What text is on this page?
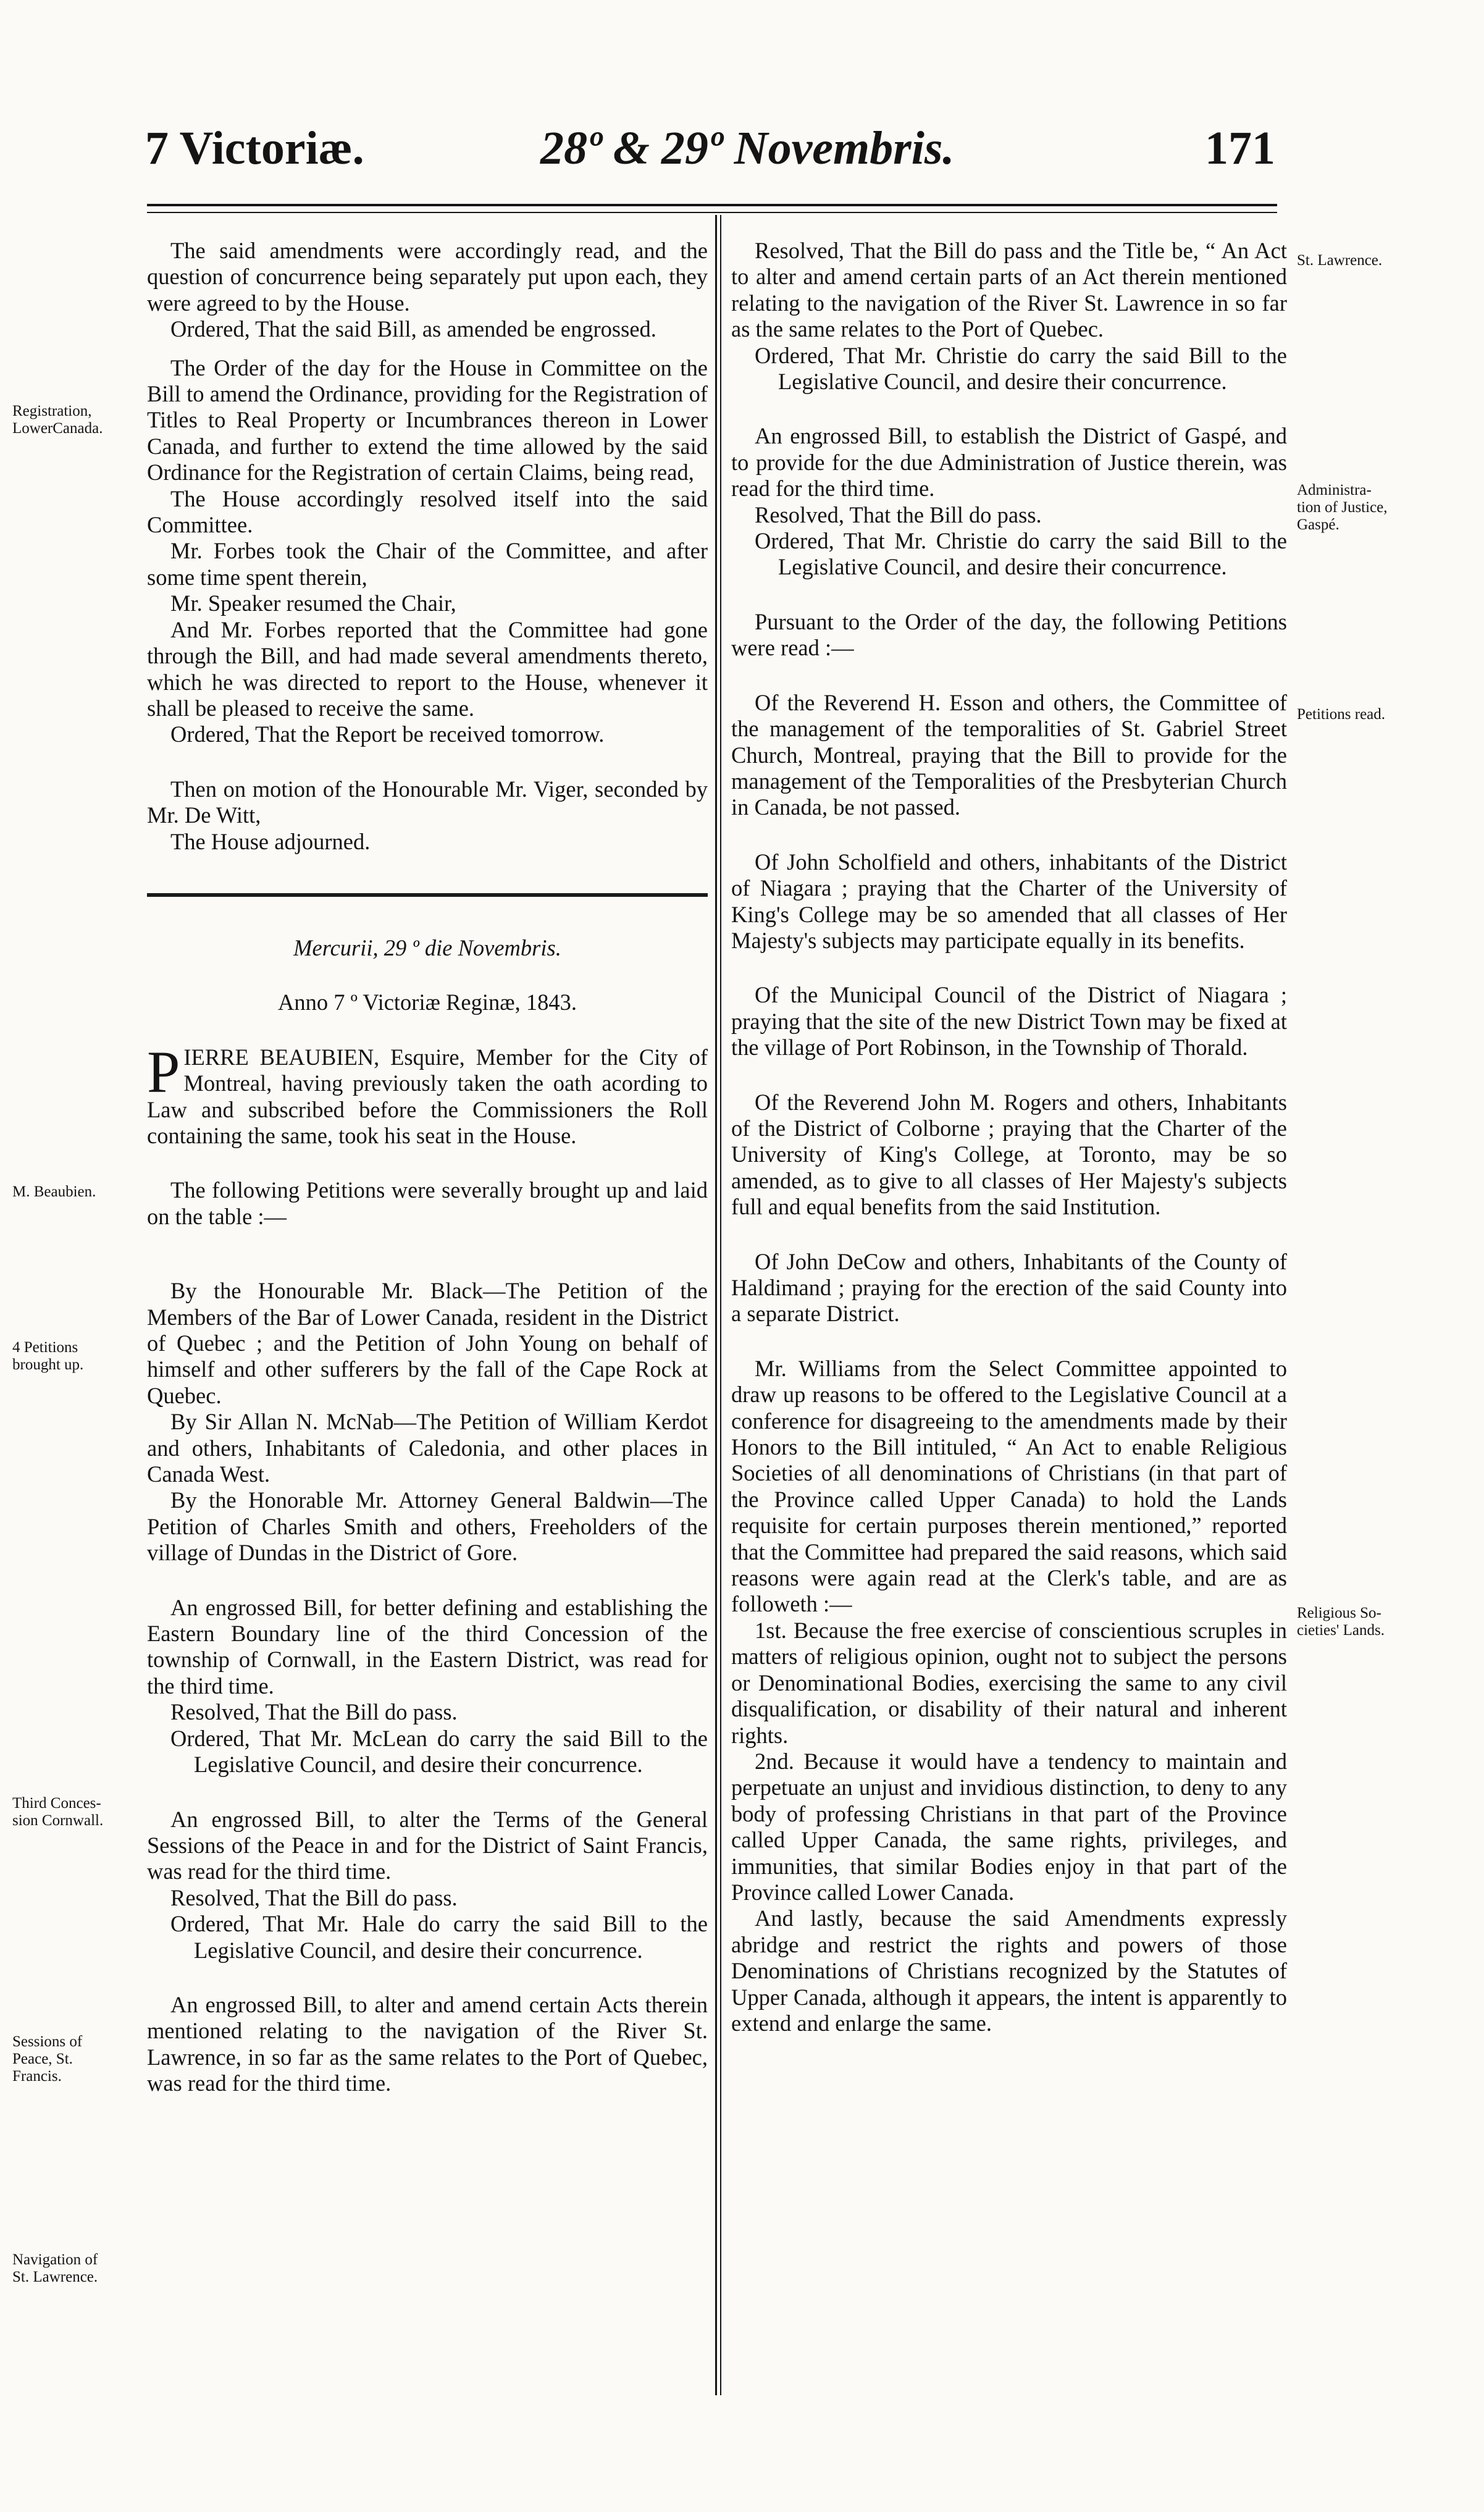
7 Victoriæ.	28º & 29º Novembris.	171

The said amendments were accordingly read, and the question of concurrence being separately put upon each, they were agreed to by the House.

Ordered, That the said Bill, as amended be engrossed.

The Order of the day for the House in Committee on the Bill to amend the Ordinance, providing for the Registration of Titles to Real Property or Incumbrances thereon in Lower Canada, and further to extend the time allowed by the said Ordinance for the Registration of certain Claims, being read,

The House accordingly resolved itself into the said Committee.

Mr. Forbes took the Chair of the Committee, and after some time spent therein,

Mr. Speaker resumed the Chair,

And Mr. Forbes reported that the Committee had gone through the Bill, and had made several amendments thereto, which he was directed to report to the House, whenever it shall be pleased to receive the same.

Ordered, That the Report be received tomorrow.

Then on motion of the Honourable Mr. Viger, seconded by Mr. De Witt,

The House adjourned.

Mercurii, 29 º die Novembris.

Anno 7 º Victoriæ Reginæ, 1843.

PIERRE BEAUBIEN, Esquire, Member for the City of Montreal, having previously taken the oath acording to Law and subscribed before the Commissioners the Roll containing the same, took his seat in the House.

The following Petitions were severally brought up and laid on the table :—

By the Honourable Mr. Black—The Petition of the Members of the Bar of Lower Canada, resident in the District of Quebec ; and the Petition of John Young on behalf of himself and other sufferers by the fall of the Cape Rock at Quebec.

By Sir Allan N. McNab—The Petition of William Kerdot and others, Inhabitants of Caledonia, and other places in Canada West.

By the Honorable Mr. Attorney General Baldwin—The Petition of Charles Smith and others, Freeholders of the village of Dundas in the District of Gore.

An engrossed Bill, for better defining and establishing the Eastern Boundary line of the third Concession of the township of Cornwall, in the Eastern District, was read for the third time.

Resolved, That the Bill do pass.

Ordered, That Mr. McLean do carry the said Bill to the Legislative Council, and desire their concurrence.

An engrossed Bill, to alter the Terms of the General Sessions of the Peace in and for the District of Saint Francis, was read for the third time.

Resolved, That the Bill do pass.

Ordered, That Mr. Hale do carry the said Bill to the Legislative Council, and desire their concurrence.

An engrossed Bill, to alter and amend certain Acts therein mentioned relating to the navigation of the River St. Lawrence, in so far as the same relates to the Port of Quebec, was read for the third time.

Resolved, That the Bill do pass and the Title be, “ An Act to alter and amend certain parts of an Act therein mentioned relating to the navigation of the River St. Lawrence in so far as the same relates to the Port of Quebec.

Ordered, That Mr. Christie do carry the said Bill to the Legislative Council, and desire their concurrence.

An engrossed Bill, to establish the District of Gaspé, and to provide for the due Administration of Justice therein, was read for the third time.

Resolved, That the Bill do pass.

Ordered, That Mr. Christie do carry the said Bill to the Legislative Council, and desire their concurrence.

Pursuant to the Order of the day, the following Petitions were read :—

Of the Reverend H. Esson and others, the Committee of the management of the temporalities of St. Gabriel Street Church, Montreal, praying that the Bill to provide for the management of the Temporalities of the Presbyterian Church in Canada, be not passed.

Of John Scholfield and others, inhabitants of the District of Niagara ; praying that the Charter of the University of King's College may be so amended that all classes of Her Majesty's subjects may participate equally in its benefits.

Of the Municipal Council of the District of Niagara ; praying that the site of the new District Town may be fixed at the village of Port Robinson, in the Township of Thorald.

Of the Reverend John M. Rogers and others, Inhabitants of the District of Colborne ; praying that the Charter of the University of King's College, at Toronto, may be so amended, as to give to all classes of Her Majesty's subjects full and equal benefits from the said Institution.

Of John DeCow and others, Inhabitants of the County of Haldimand ; praying for the erection of the said County into a separate District.

Mr. Williams from the Select Committee appointed to draw up reasons to be offered to the Legislative Council at a conference for disagreeing to the amendments made by their Honors to the Bill intituled, “ An Act to enable Religious Societies of all denominations of Christians (in that part of the Province called Upper Canada) to hold the Lands requisite for certain purposes therein mentioned,” reported that the Committee had prepared the said reasons, which said reasons were again read at the Clerk's table, and are as followeth :—

1st. Because the free exercise of conscientious scruples in matters of religious opinion, ought not to subject the persons or Denominational Bodies, exercising the same to any civil disqualification, or disability of their natural and inherent rights.

2nd. Because it would have a tendency to maintain and perpetuate an unjust and invidious distinction, to deny to any body of professing Christians in that part of the Province called Upper Canada, the same rights, privileges, and immunities, that similar Bodies enjoy in that part of the Province called Lower Canada.

And lastly, because the said Amendments expressly abridge and restrict the rights and powers of those Denominations of Christians recognized by the Statutes of Upper Canada, although it appears, the intent is apparently to extend and enlarge the same.

Registration,
LowerCanada.
M. Beaubien.
4 Petitions
brought up.
Third Conces-
sion Cornwall.
Sessions of
Peace, St.
Francis.
Navigation of
St. Lawrence.
St. Lawrence.
Administra-
tion of Justice,
Gaspé.
Petitions read.
Religious So-
cieties' Lands.
